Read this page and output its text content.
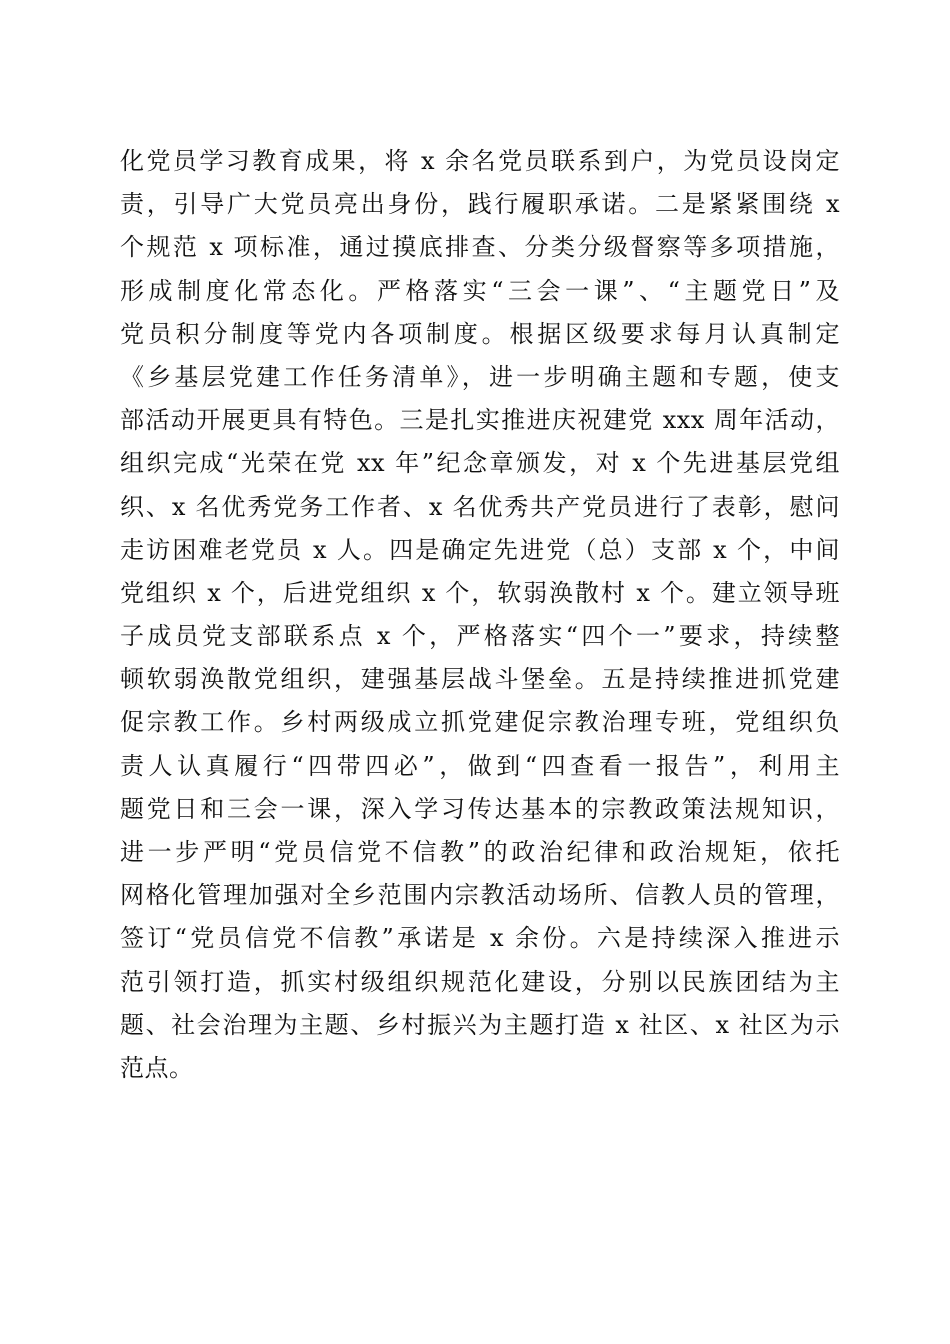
化党员学习教育成果，将 x 余名党员联系到户，为党员设岗定
责，引导广大党员亮出身份，践行履职承诺。二是紧紧围绕 x
个规范 x 项标准，通过摸底排查、分类分级督察等多项措施，
形成制度化常态化。严格落实“三会一课”、“主题党日”及
党员积分制度等党内各项制度。根据区级要求每月认真制定
《乡基层党建工作任务清单》，进一步明确主题和专题，使支
部活动开展更具有特色。三是扎实推进庆祝建党 xxx 周年活动，
组织完成“光荣在党 xx 年”纪念章颁发，对 x 个先进基层党组
织、x 名优秀党务工作者、x 名优秀共产党员进行了表彰，慰问
走访困难老党员 x 人。四是确定先进党（总）支部 x 个，中间
党组织 x 个，后进党组织 x 个，软弱涣散村 x 个。建立领导班
子成员党支部联系点 x 个，严格落实“四个一”要求，持续整
顿软弱涣散党组织，建强基层战斗堡垒。五是持续推进抓党建
促宗教工作。乡村两级成立抓党建促宗教治理专班，党组织负
责人认真履行“四带四必”，做到“四查看一报告”，利用主
题党日和三会一课，深入学习传达基本的宗教政策法规知识，
进一步严明“党员信党不信教”的政治纪律和政治规矩，依托
网格化管理加强对全乡范围内宗教活动场所、信教人员的管理，
签订“党员信党不信教”承诺是 x 余份。六是持续深入推进示
范引领打造，抓实村级组织规范化建设，分别以民族团结为主
题、社会治理为主题、乡村振兴为主题打造 x 社区、x 社区为示
范点。
